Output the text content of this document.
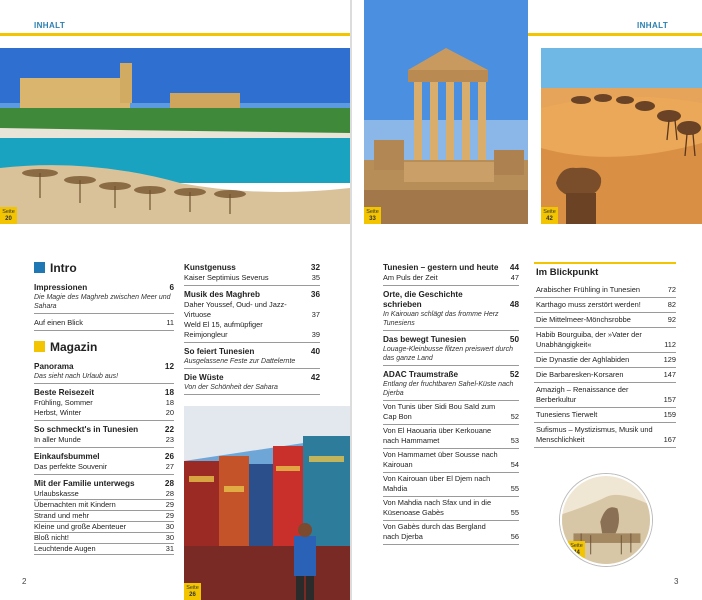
INHALT	INHALT
Seite
20
Seite
33
Seite
42
Seite
26
Intro
Impressionen	6
Die Magie des Maghreb zwischen Meer und Sahara
Auf einen Blick	11
Magazin
Panorama	12
Das sieht nach Urlaub aus!
Beste Reisezeit	18
Frühling, Sommer	18
Herbst, Winter	20
So schmeckt's in Tunesien	22
In aller Munde	23
Einkaufsbummel	26
Das perfekte Souvenir	27
Mit der Familie unterwegs	28
Urlaubskasse	28
Übernachten mit Kindern	29
Strand und mehr	29
Kleine und große Abenteuer	30
Bloß nicht!	30
Leuchtende Augen	31
Kunstgenuss	32
Kaiser Septimius Severus	35
Musik des Maghreb	36
Daher Youssef, Oud- und Jazz-Virtuose	37
Weld El 15, aufmüpfiger Reimjongleur	39
So feiert Tunesien	40
Ausgelassene Feste zur Dattelernte
Die Wüste	42
Von der Schönheit der Sahara
Tunesien – gestern und heute	44
Am Puls der Zeit	47
Orte, die Geschichte schrieben	48
In Kairouan schlägt das fromme Herz Tunesiens
Das bewegt Tunesien	50
Louage-Kleinbusse flitzen preiswert durch das ganze Land
ADAC Traumstraße	52
Entlang der fruchtbaren Sahel-Küste nach Djerba
Von Tunis über Sidi Bou Saïd zum Cap Bon	52
Von El Haouaria über Kerkouane nach Hammamet	53
Von Hammamet über Sousse nach Kairouan	54
Von Kairouan über El Djem nach Mahdia	55
Von Mahdia nach Sfax und in die Küsenoase Gabès	55
Von Gabès durch das Bergland nach Djerba	56
Im Blickpunkt
Arabischer Frühling in Tunesien	72
Karthago muss zerstört werden!	82
Die Mittelmeer-Mönchsrobbe	92
Habib Bourguiba, der »Vater der Unabhängigkeit«	112
Die Dynastie der Aghlabiden	129
Die Barbaresken-Korsaren	147
Amazigh – Renaissance der Berberkultur	157
Tunesiens Tierwelt	159
Sufismus – Mystizismus, Musik und Menschlichkeit	167
Seite
44
2	3
